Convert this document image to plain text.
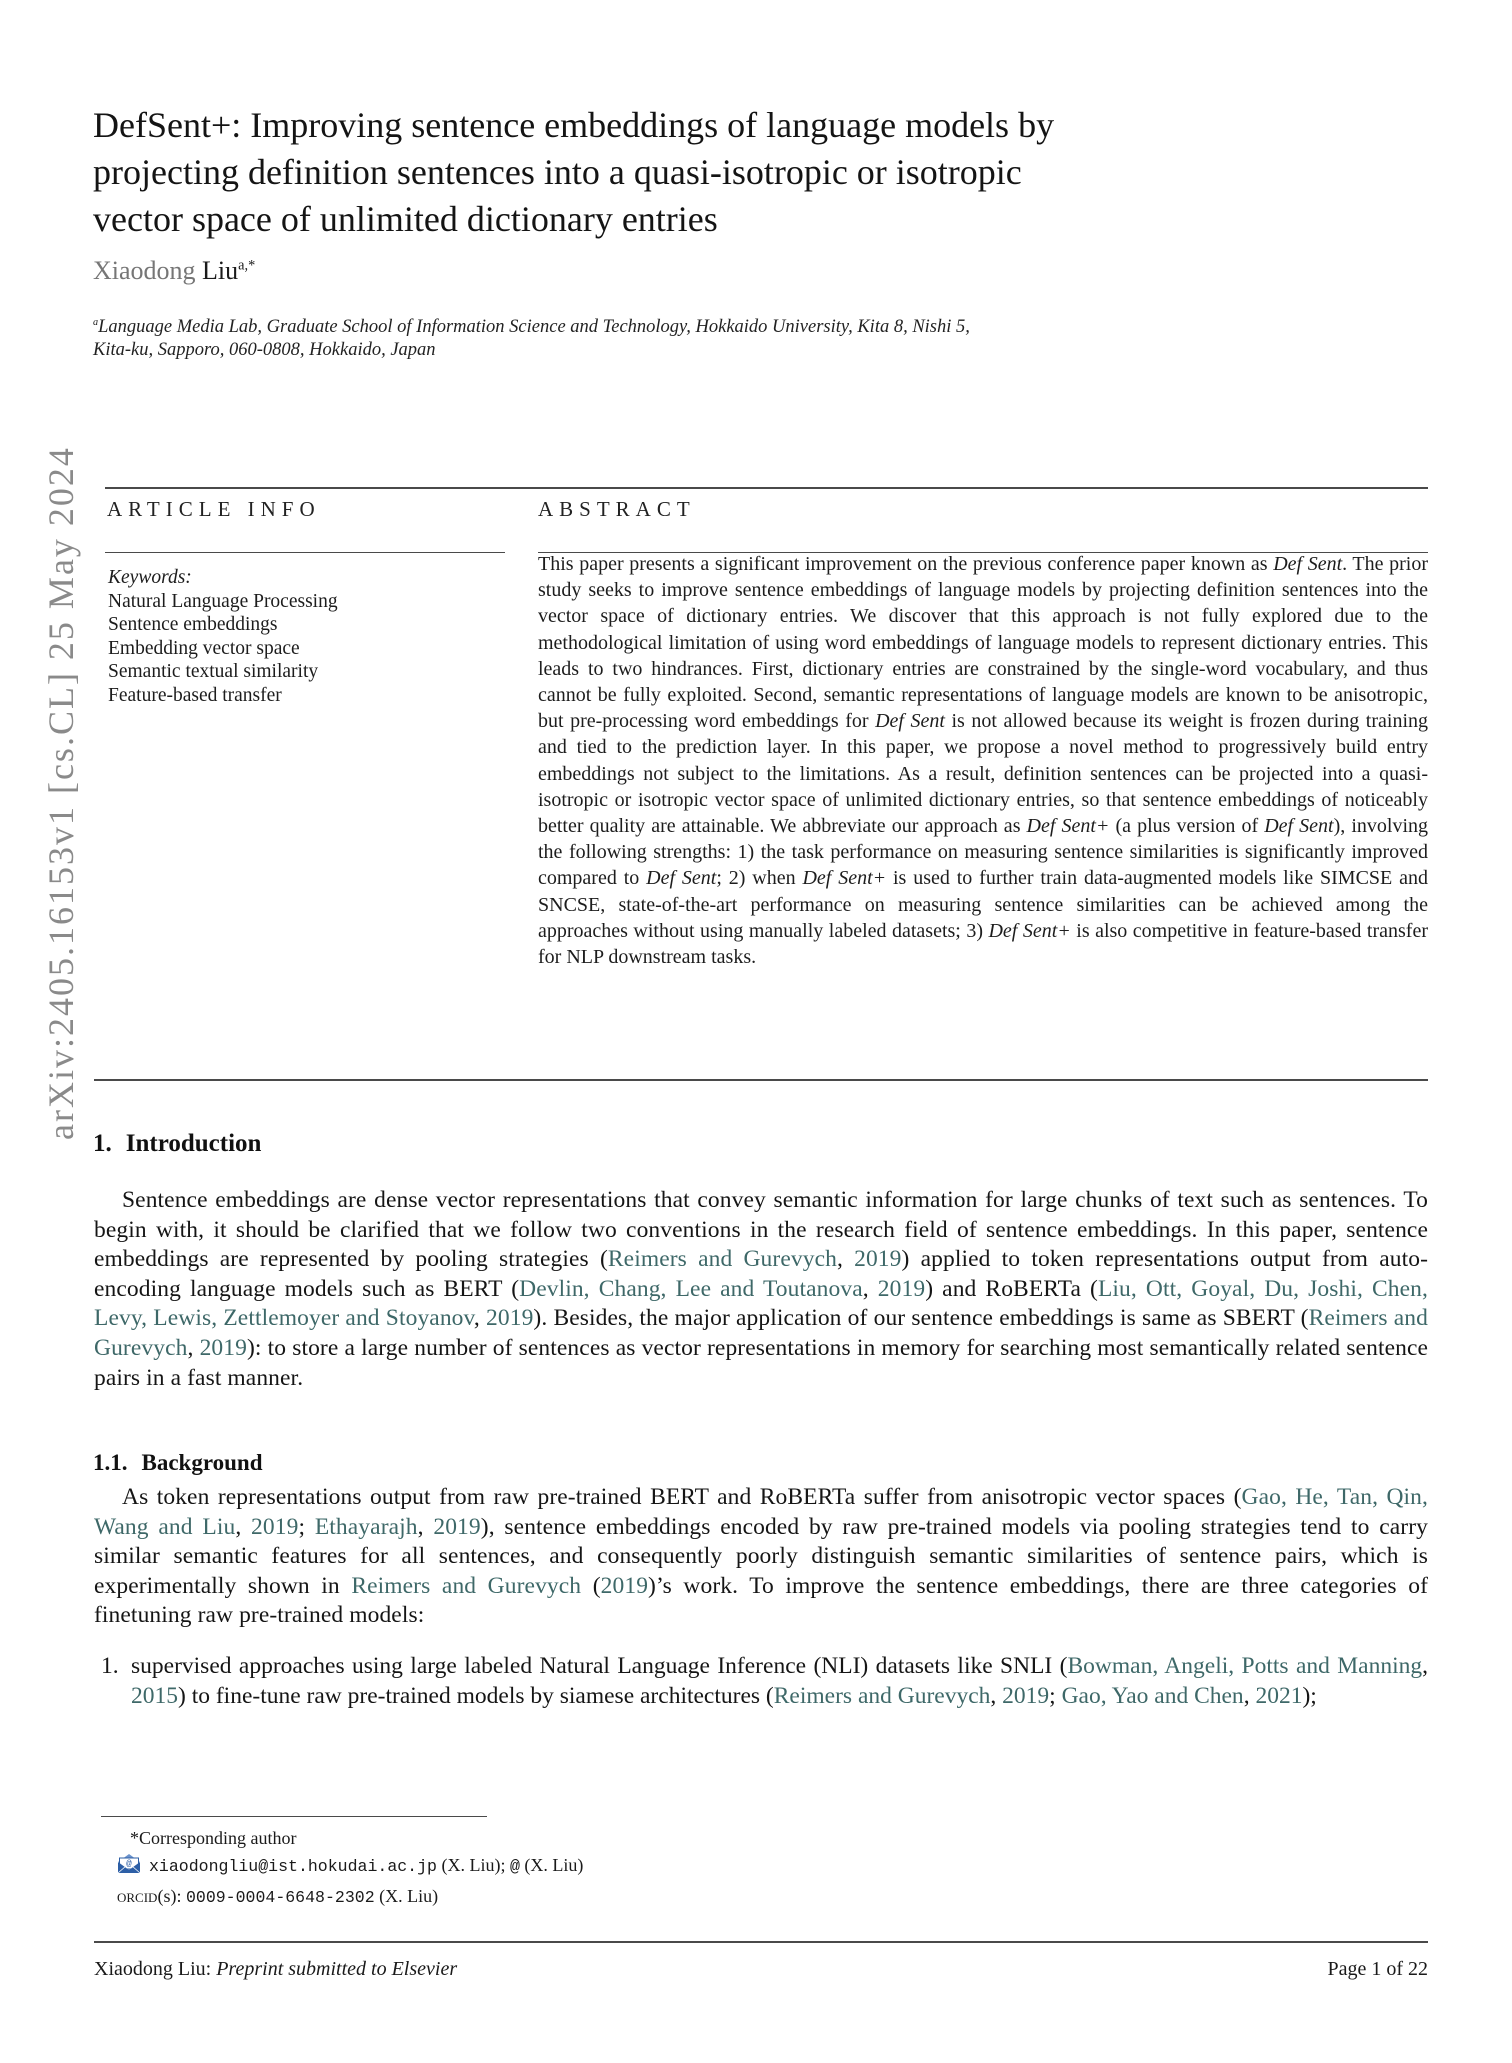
arXiv:2405.16153v1 [cs.CL] 25 May 2024
DefSent+: Improving sentence embeddings of language models by
projecting definition sentences into a quasi-isotropic or isotropic
vector space of unlimited dictionary entries
Xiaodong Liu$^{a,*}$
$^a$Language Media Lab, Graduate School of Information Science and Technology, Hokkaido University, Kita 8, Nishi 5,
Kita-ku, Sapporo, 060-0808, Hokkaido, Japan
ARTICLE INFO	ABSTRACT
Keywords:
Natural Language Processing
Sentence embeddings
Embedding vector space
Semantic textual similarity
Feature-based transfer
This paper presents a significant improvement on the previous conference paper known as Def Sent. The prior study seeks to improve sentence embeddings of language models by projecting definition sentences into the vector space of dictionary entries. We discover that this approach is not fully explored due to the methodological limitation of using word embeddings of language models to represent dictionary entries. This leads to two hindrances. First, dictionary entries are constrained by the single-word vocabulary, and thus cannot be fully exploited. Second, semantic representations of language models are known to be anisotropic, but pre-processing word embeddings for Def Sent is not allowed because its weight is frozen during training and tied to the prediction layer. In this paper, we propose a novel method to progressively build entry embeddings not subject to the limitations. As a result, definition sentences can be projected into a quasi-isotropic or isotropic vector space of unlimited dictionary entries, so that sentence embeddings of noticeably better quality are attainable. We abbreviate our approach as Def Sent+ (a plus version of Def Sent), involving the following strengths: 1) the task performance on measuring sentence similarities is significantly improved compared to Def Sent; 2) when Def Sent+ is used to further train data-augmented models like SIMCSE and SNCSE, state-of-the-art performance on measuring sentence similarities can be achieved among the approaches without using manually labeled datasets; 3) Def Sent+ is also competitive in feature-based transfer for NLP downstream tasks.
1. Introduction
Sentence embeddings are dense vector representations that convey semantic information for large chunks of text such as sentences. To begin with, it should be clarified that we follow two conventions in the research field of sentence embeddings. In this paper, sentence embeddings are represented by pooling strategies (Reimers and Gurevych, 2019) applied to token representations output from auto-encoding language models such as BERT (Devlin, Chang, Lee and Toutanova, 2019) and RoBERTa (Liu, Ott, Goyal, Du, Joshi, Chen, Levy, Lewis, Zettlemoyer and Stoyanov, 2019). Besides, the major application of our sentence embeddings is same as SBERT (Reimers and Gurevych, 2019): to store a large number of sentences as vector representations in memory for searching most semantically related sentence pairs in a fast manner.
1.1. Background
As token representations output from raw pre-trained BERT and RoBERTa suffer from anisotropic vector spaces (Gao, He, Tan, Qin, Wang and Liu, 2019; Ethayarajh, 2019), sentence embeddings encoded by raw pre-trained models via pooling strategies tend to carry similar semantic features for all sentences, and consequently poorly distinguish semantic similarities of sentence pairs, which is experimentally shown in Reimers and Gurevych (2019)’s work. To improve the sentence embeddings, there are three categories of finetuning raw pre-trained models:
1. supervised approaches using large labeled Natural Language Inference (NLI) datasets like SNLI (Bowman, Angeli, Potts and Manning, 2015) to fine-tune raw pre-trained models by siamese architectures (Reimers and Gurevych, 2019; Gao, Yao and Chen, 2021);
*Corresponding author
@ xiaodongliu@ist.hokudai.ac.jp (X. Liu); @ (X. Liu)
orcid(s): 0009-0004-6648-2302 (X. Liu)
Xiaodong Liu: Preprint submitted to Elsevier	Page 1 of 22
